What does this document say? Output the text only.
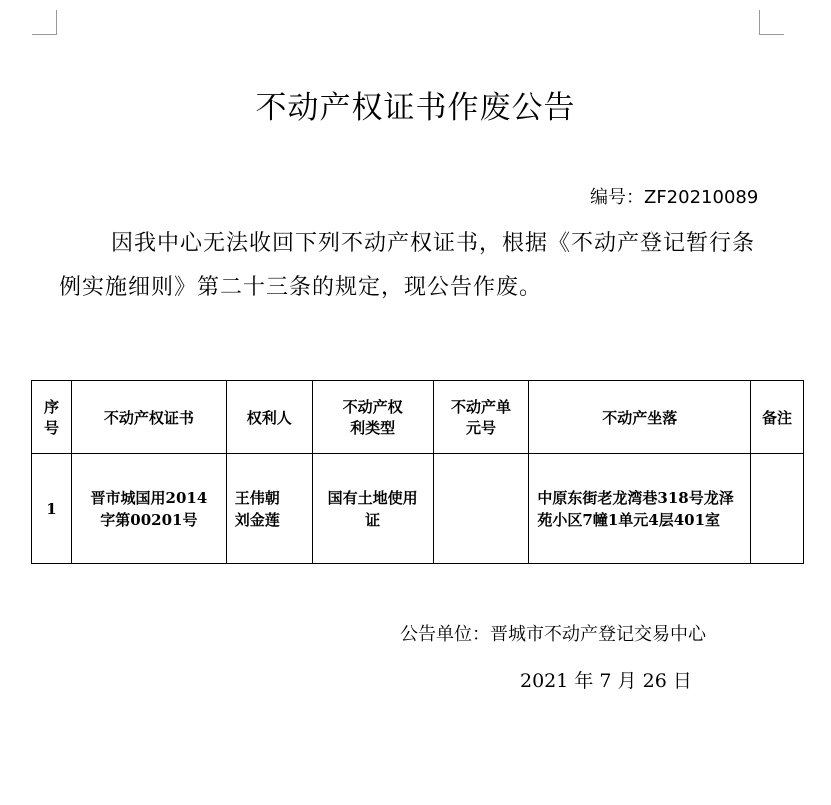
不动产权证书作废公告
编号：ZF20210089
因我中心无法收回下列不动产权证书，根据《不动产登记暂行条例实施细则》第二十三条的规定，现公告作废。
序号	不动产权证书	权利人	不动产权利类型	不动产单元号	不动产坐落	备注
1	晋市城国用2014字第00201号	王伟朝 刘金莲	国有土地使用证		中原东街老龙湾巷318号龙泽苑小区7幢1单元4层401室	
公告单位：晋城市不动产登记交易中心
2021 年 7 月 26 日
